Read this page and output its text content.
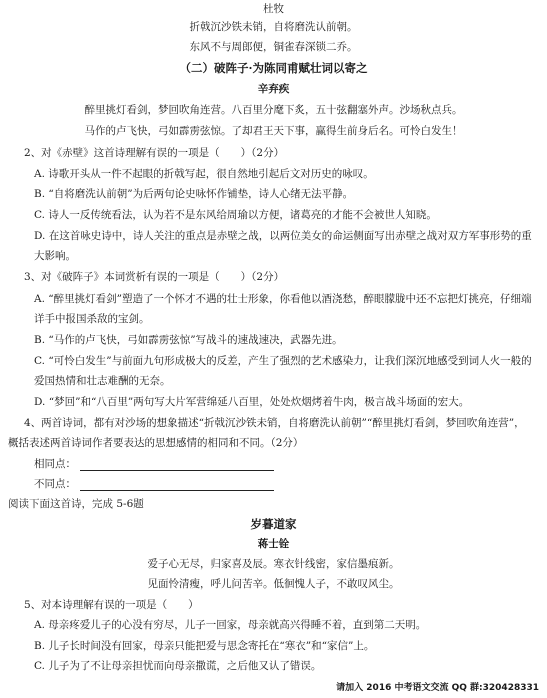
杜牧
折戟沉沙铁未销，自将磨洗认前朝。
东风不与周郎便，铜雀春深锁二乔。
（二）破阵子·为陈同甫赋壮词以寄之
辛弃疾
醉里挑灯看剑，梦回吹角连营。八百里分麾下炙，五十弦翻塞外声。沙场秋点兵。
马作的卢飞快，弓如霹雳弦惊。了却君王天下事，赢得生前身后名。可怜白发生！
2、对《赤壁》这首诗理解有误的一项是（　　）（2分）
A. 诗歌开头从一件不起眼的折戟写起，很自然地引起后文对历史的咏叹。
B. “自将磨洗认前朝”为后两句论史咏怀作铺垫，诗人心绪无法平静。
C. 诗人一反传统看法，认为若不是东风给周瑜以方便，诸葛亮的才能不会被世人知晓。
D. 在这首咏史诗中，诗人关注的重点是赤壁之战，以两位美女的命运侧面写出赤壁之战对双方军事形势的重
大影响。
3、对《破阵子》本词赏析有误的一项是（　　）（2分）
A. “醉里挑灯看剑”塑造了一个怀才不遇的壮士形象，你看他以酒浇愁，醉眼朦胧中还不忘把灯挑亮，仔细端
详手中报国杀敌的宝剑。
B. “马作的卢飞快，弓如霹雳弦惊”写战斗的速战速决，武器先进。
C. “可怜白发生”与前面九句形成极大的反差，产生了强烈的艺术感染力，让我们深沉地感受到词人火一般的
爱国热情和壮志难酬的无奈。
D. “梦回”和“八百里”两句写大片军营绵延八百里，处处炊烟烤着牛肉，极言战斗场面的宏大。
4、两首诗词，都有对沙场的想象描述“折戟沉沙铁未销，自将磨洗认前朝”“醉里挑灯看剑，梦回吹角连营”，
概括表述两首诗词作者要表达的思想感情的相同和不同。（2分）
相同点：
不同点：
阅读下面这首诗，完成 5-6题
岁暮道家
蒋士铨
爱子心无尽，归家喜及辰。寒衣针线密，家信墨痕新。
见面怜清瘦，呼儿问苦辛。低徊愧人子，不敢叹风尘。
5、对本诗理解有误的一项是（　　）
A. 母亲疼爱儿子的心没有穷尽，儿子一回家，母亲就高兴得睡不着，直到第二天明。
B. 儿子长时间没有回家，母亲只能把爱与思念寄托在“寒衣”和“家信”上。
C. 儿子为了不让母亲担忧而向母亲撒谎，之后他又认了错误。
请加入 2016 中考语文交流 QQ 群:320428331
